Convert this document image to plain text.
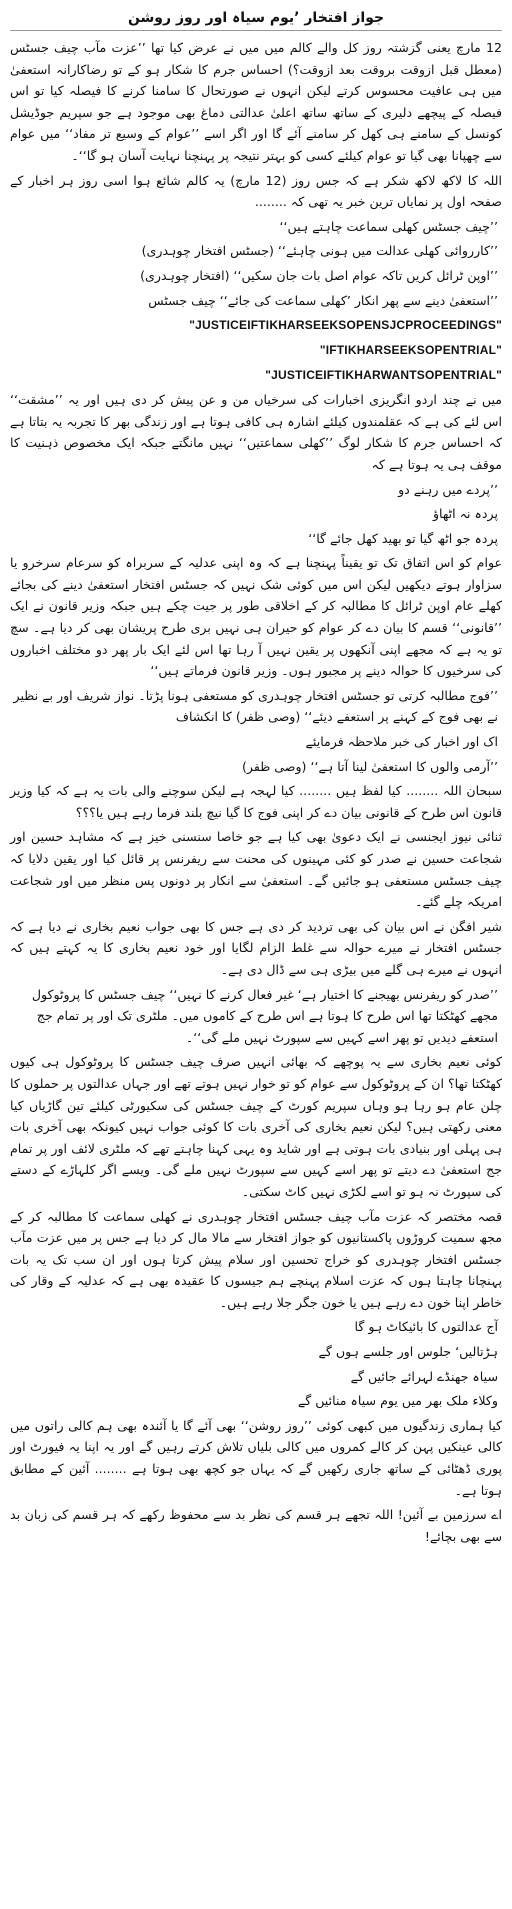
جواز افتخار ’یوم سیاہ اور روز روشن

12 مارچ یعنی گزشتہ روز کل والے کالم میں میں نے عرض کیا تھا ’’عزت مآب چیف جسٹس (معطل قبل ازوقت بروقت بعد ازوقت؟) احساس جرم کا شکار ہو کے تو رضاکارانہ استعفیٰ میں ہی عافیت محسوس کرتے لیکن انہوں نے صورتحال کا سامنا کرنے کا فیصلہ کیا تو اس فیصلہ کے پیچھے دلیری کے ساتھ ساتھ اعلیٰ عدالتی دماغ بھی موجود ہے جو سپریم جوڈیشل کونسل کے سامنے ہی کھل کر سامنے آئے گا اور اگر اسے ’’عوام کے وسیع تر مفاد‘‘ میں عوام سے چھپانا بھی گیا تو عوام کیلئے کسی کو بہتر نتیجہ پر پہنچنا نہایت آسان ہو گا‘‘۔

اللہ کا لاکھ لاکھ شکر ہے کہ جس روز (12 مارچ) یہ کالم شائع ہوا اسی روز ہر اخبار کے صفحہ اول پر نمایاں ترین خبر یہ تھی کہ ........

’’چیف جسٹس کھلی سماعت چاہتے ہیں‘‘

’’کارروائی کھلی عدالت میں ہونی چاہئے‘‘ (جسٹس افتخار چوہدری)

’’اوپن ٹرائل کریں تاکہ عوام اصل بات جان سکیں‘‘ (افتخار چوہدری)

’’استعفیٰ دینے سے پھر انکار ’کھلی سماعت کی جائے‘‘ چیف جسٹس

"JUSTICEIFTIKHARSEEKSOPENSJCPROCEEDINGS"

"IFTIKHARSEEKSOPENTRIAL"

"JUSTICEIFTIKHARWANTSOPENTRIAL"

میں نے چند اردو انگریزی اخبارات کی سرخیاں من و عن پیش کر دی ہیں اور یہ ’’مشقت‘‘ اس لئے کی ہے کہ عقلمندوں کیلئے اشارہ ہی کافی ہوتا ہے اور زندگی بھر کا تجربہ یہ بتاتا ہے کہ احساس جرم کا شکار لوگ ’’کھلی سماعتیں‘‘ نہیں مانگتے جبکہ ایک مخصوص ذہنیت کا موقف ہی یہ ہوتا ہے کہ

’’پردے میں رہنے دو

پردہ نہ اٹھاؤ

پردہ جو اٹھ گیا تو بھید کھل جائے گا‘‘

عوام کو اس اتفاق تک تو یقیناً پہنچنا ہے کہ وہ اپنی عدلیہ کے سربراہ کو سرعام سرخرو یا سزاوار ہوتے دیکھیں لیکن اس میں کوئی شک نہیں کہ جسٹس افتخار استعفیٰ دینے کی بجائے کھلے عام اوپن ٹرائل کا مطالبہ کر کے اخلاقی طور پر جیت چکے ہیں جبکہ وزیر قانون نے ایک ’’قانونی‘‘ قسم کا بیان دے کر عوام کو حیران ہی نہیں بری طرح پریشان بھی کر دیا ہے۔ سچ تو یہ ہے کہ مجھے اپنی آنکھوں پر یقین نہیں آ رہا تھا اس لئے ایک بار پھر دو مختلف اخباروں کی سرخیوں کا حوالہ دینے پر مجبور ہوں۔ وزیر قانون فرماتے ہیں‘‘

’’فوج مطالبہ کرتی تو جسٹس افتخار چوہدری کو مستعفی ہونا پڑتا۔ نواز شریف اور بے نظیر نے بھی فوج کے کہنے پر استعفے دیئے‘‘ (وصی ظفر) کا انکشاف

اک اور اخبار کی خبر ملاحظہ فرمایئے

’’آرمی والوں کا استعفیٰ لینا آتا ہے‘‘ (وصی ظفر)

سبحان اللہ ........ کیا لفظ ہیں ........ کیا لہجہ ہے لیکن سوچنے والی بات یہ ہے کہ کیا وزیر قانون اس طرح کے قانونی بیان دے کر اپنی فوج کا گیا نیچ بلند فرما رہے ہیں یا؟؟؟

ثنائی نیوز ایجنسی نے ایک دعویٰ بھی کیا ہے جو خاصا سنسنی خیز ہے کہ مشاہد حسین اور شجاعت حسین نے صدر کو کئی مہینوں کی محنت سے ریفرنس پر قائل کیا اور یقین دلایا کہ چیف جسٹس مستعفی ہو جائیں گے۔ استعفیٰ سے انکار پر دونوں پس منظر میں اور شجاعت امریکہ چلے گئے۔

شیر افگن نے اس بیان کی بھی تردید کر دی ہے جس کا بھی جواب نعیم بخاری نے دیا ہے کہ جسٹس افتخار نے میرے حوالہ سے غلط الزام لگایا اور خود نعیم بخاری کا یہ کہتے ہیں کہ انہوں نے میرے ہی گلے میں بیڑی ہی سے ڈال دی ہے۔

’’صدر کو ریفرنس بھیجنے کا اختیار ہے‘ غیر فعال کرنے کا نہیں‘‘ چیف جسٹس کا پروٹوکول مجھے کھٹکتا تھا اس طرح کا ہوتا ہے اس طرح کے کاموں میں۔ ملٹری تک اور پر تمام جج استعفے دیدیں تو پھر اسے کہیں سے سپورٹ نہیں ملے گی‘‘۔

کوئی نعیم بخاری سے یہ پوچھے کہ بھائی انہیں صرف چیف جسٹس کا پروٹوکول ہی کیوں کھٹکتا تھا؟ ان کے پروٹوکول سے عوام کو تو خوار نہیں ہوتے تھے اور جہاں عدالتوں پر حملوں کا چلن عام ہو رہا ہو وہاں سپریم کورٹ کے چیف جسٹس کی سکیورٹی کیلئے تین گاڑیاں کیا معنی رکھتی ہیں؟ لیکن نعیم بخاری کی آخری بات کا کوئی جواب نہیں کیونکہ بھی آخری بات ہی پہلی اور بنیادی بات ہوتی ہے اور شاید وہ یہی کہنا چاہتے تھے کہ ملٹری لائف اور پر تمام جج استعفیٰ دے دیتے تو پھر اسے کہیں سے سپورٹ نہیں ملے گی۔ ویسے اگر کلہاڑے کے دستے کی سپورٹ نہ ہو تو اسے لکڑی نہیں کاٹ سکتی۔

قصہ مختصر کہ عزت مآب چیف جسٹس افتخار چوہدری نے کھلی سماعت کا مطالبہ کر کے مجھ سمیت کروڑوں پاکستانیوں کو جواز افتخار سے مالا مال کر دیا ہے جس پر میں عزت مآب جسٹس افتخار چوہدری کو خراج تحسین اور سلام پیش کرتا ہوں اور ان سب تک یہ بات پہنچانا چاہتا ہوں کہ عزت اسلام پہنچے ہم جیسوں کا عقیدہ بھی ہے کہ عدلیہ کے وقار کی خاطر اپنا خون دے رہے ہیں یا خون جگر جلا رہے ہیں۔

آج عدالتوں کا بائیکاٹ ہو گا

ہڑتالیں‘ جلوس اور جلسے ہوں گے

سیاہ جھنڈے لہرائے جائیں گے

وکلاء ملک بھر میں یوم سیاہ منائیں گے

کیا ہماری زندگیوں میں کبھی کوئی ’’روز روشن‘‘ بھی آئے گا یا آئندہ بھی ہم کالی راتوں میں کالی عینکیں پہن کر کالے کمروں میں کالی بلیاں تلاش کرتے رہیں گے اور یہ اپنا یہ فیورٹ اور پوری ڈھٹائی کے ساتھ جاری رکھیں گے کہ یہاں جو کچھ بھی ہوتا ہے ........ آئین کے مطابق ہوتا ہے۔

اے سرزمین بے آئین! اللہ تجھے ہر قسم کی نظر بد سے محفوظ رکھے کہ ہر قسم کی زبان بد سے بھی بچائے!
